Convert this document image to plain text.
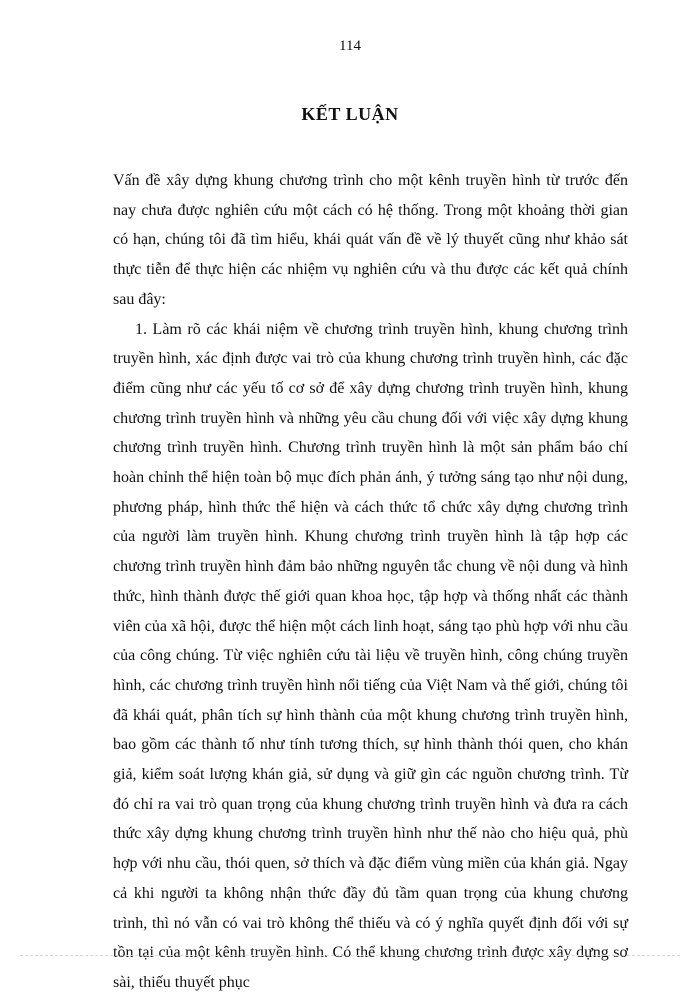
114
KẾT LUẬN

Vấn đề xây dựng khung chương trình cho một kênh truyền hình từ trước đến nay chưa được nghiên cứu một cách có hệ thống. Trong một khoảng thời gian có hạn, chúng tôi đã tìm hiểu, khái quát vấn đề về lý thuyết cũng như khảo sát thực tiễn để thực hiện các nhiệm vụ nghiên cứu và thu được các kết quả chính sau đây:

1. Làm rõ các khái niệm về chương trình truyền hình, khung chương trình truyền hình, xác định được vai trò của khung chương trình truyền hình, các đặc điểm cũng như các yếu tố cơ sở để xây dựng chương trình truyền hình, khung chương trình truyền hình và những yêu cầu chung đối với việc xây dựng khung chương trình truyền hình. Chương trình truyền hình là một sản phẩm báo chí hoàn chỉnh thể hiện toàn bộ mục đích phản ánh, ý tưởng sáng tạo như nội dung, phương pháp, hình thức thể hiện và cách thức tổ chức xây dựng chương trình của người làm truyền hình. Khung chương trình truyền hình là tập hợp các chương trình truyền hình đảm bảo những nguyên tắc chung về nội dung và hình thức, hình thành được thế giới quan khoa học, tập hợp và thống nhất các thành viên của xã hội, được thể hiện một cách linh hoạt, sáng tạo phù hợp với nhu cầu của công chúng. Từ việc nghiên cứu tài liệu về truyền hình, công chúng truyền hình, các chương trình truyền hình nổi tiếng của Việt Nam và thế giới, chúng tôi đã khái quát, phân tích sự hình thành của một khung chương trình truyền hình, bao gồm các thành tố như tính tương thích, sự hình thành thói quen, cho khán giả, kiểm soát lượng khán giả, sử dụng và giữ gìn các nguồn chương trình. Từ đó chỉ ra vai trò quan trọng của khung chương trình truyền hình và đưa ra cách thức xây dựng khung chương trình truyền hình như thế nào cho hiệu quả, phù hợp với nhu cầu, thói quen, sở thích và đặc điểm vùng miền của khán giả. Ngay cả khi người ta không nhận thức đầy đủ tầm quan trọng của khung chương trình, thì nó vẫn có vai trò không thể thiếu và có ý nghĩa quyết định đối với sự tồn tại của một kênh truyền hình. Có thể khung chương trình được xây dựng sơ sài, thiếu thuyết phục
